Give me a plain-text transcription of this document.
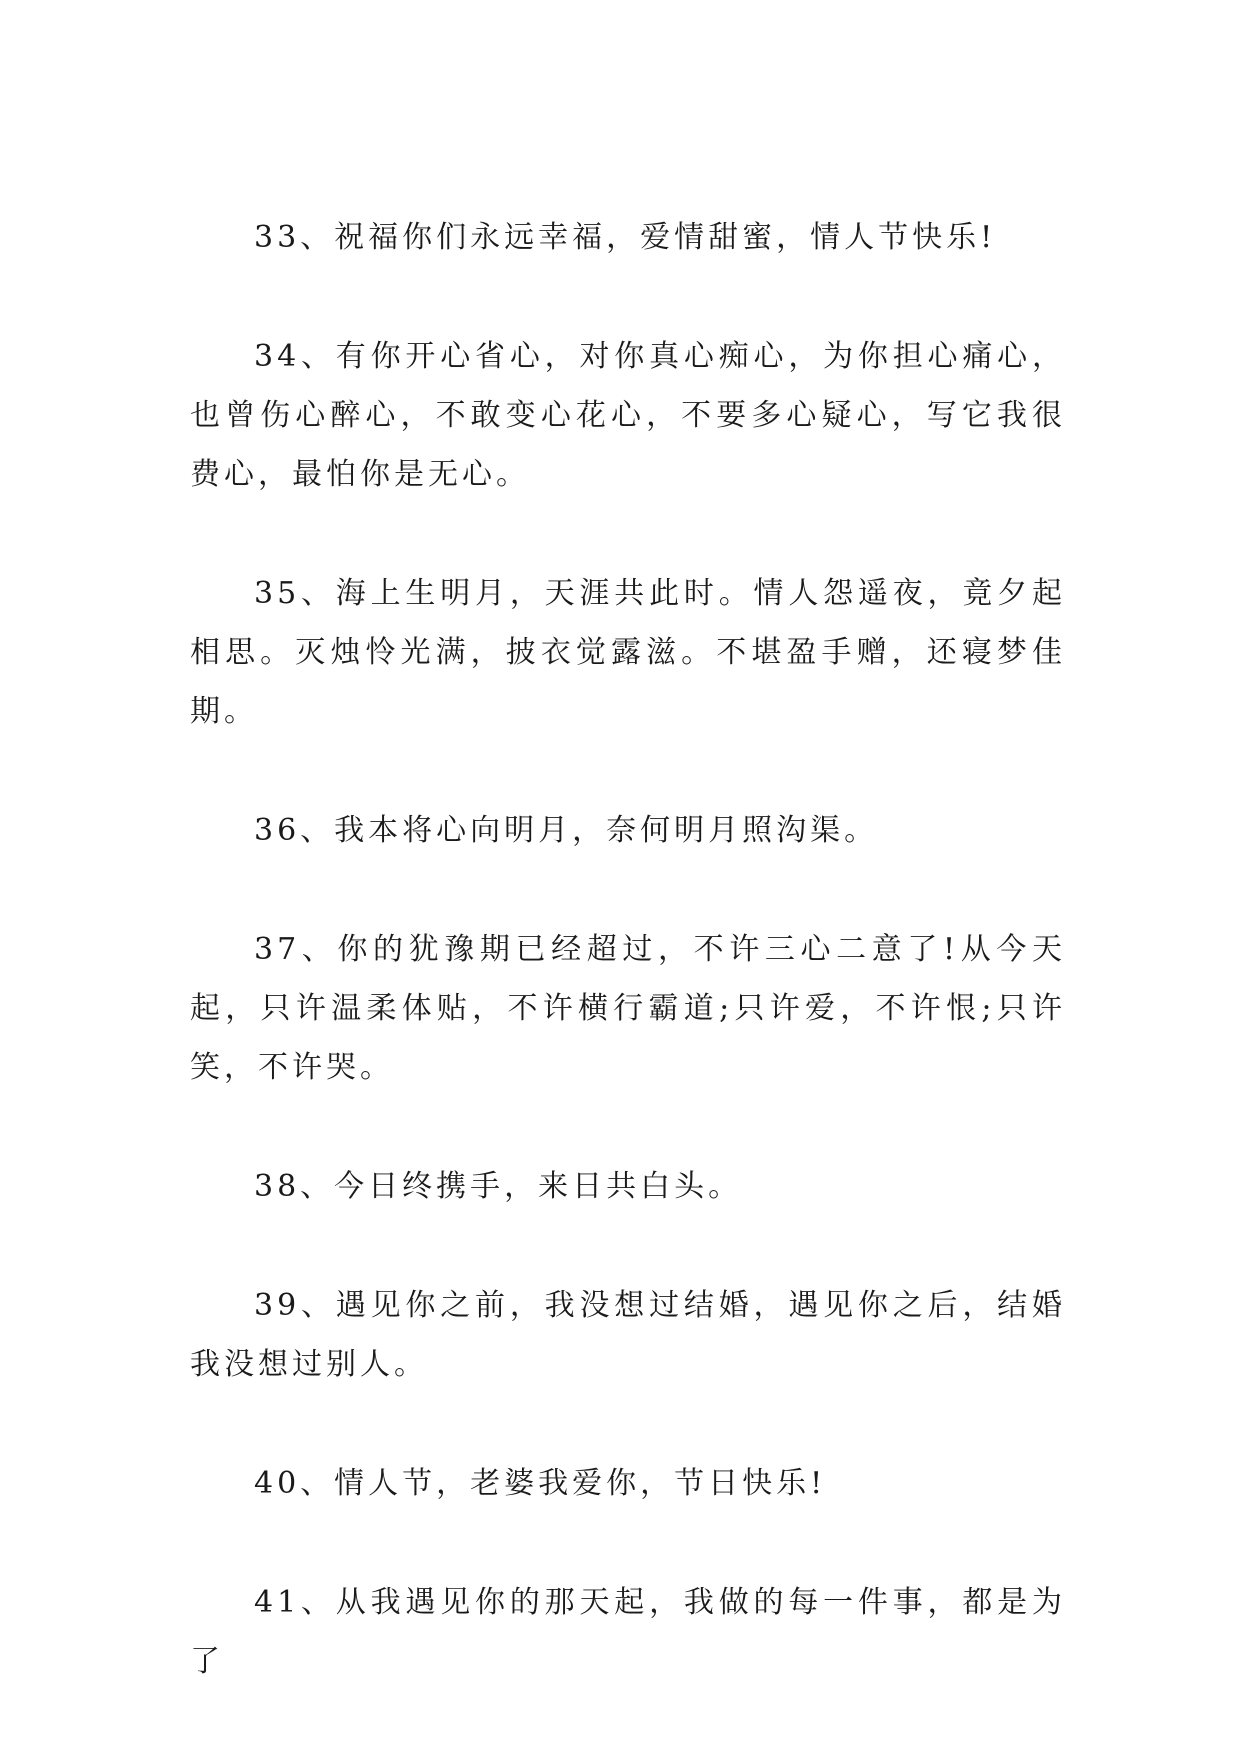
33、祝福你们永远幸福，爱情甜蜜，情人节快乐!

34、有你开心省心，对你真心痴心，为你担心痛心，也曾伤心醉心，不敢变心花心，不要多心疑心，写它我很费心，最怕你是无心。

35、海上生明月，天涯共此时。情人怨遥夜，竟夕起相思。灭烛怜光满，披衣觉露滋。不堪盈手赠，还寝梦佳期。

36、我本将心向明月，奈何明月照沟渠。

37、你的犹豫期已经超过，不许三心二意了!从今天起，只许温柔体贴，不许横行霸道;只许爱，不许恨;只许笑，不许哭。

38、今日终携手，来日共白头。

39、遇见你之前，我没想过结婚，遇见你之后，结婚我没想过别人。

40、情人节，老婆我爱你，节日快乐!

41、从我遇见你的那天起，我做的每一件事，都是为了
